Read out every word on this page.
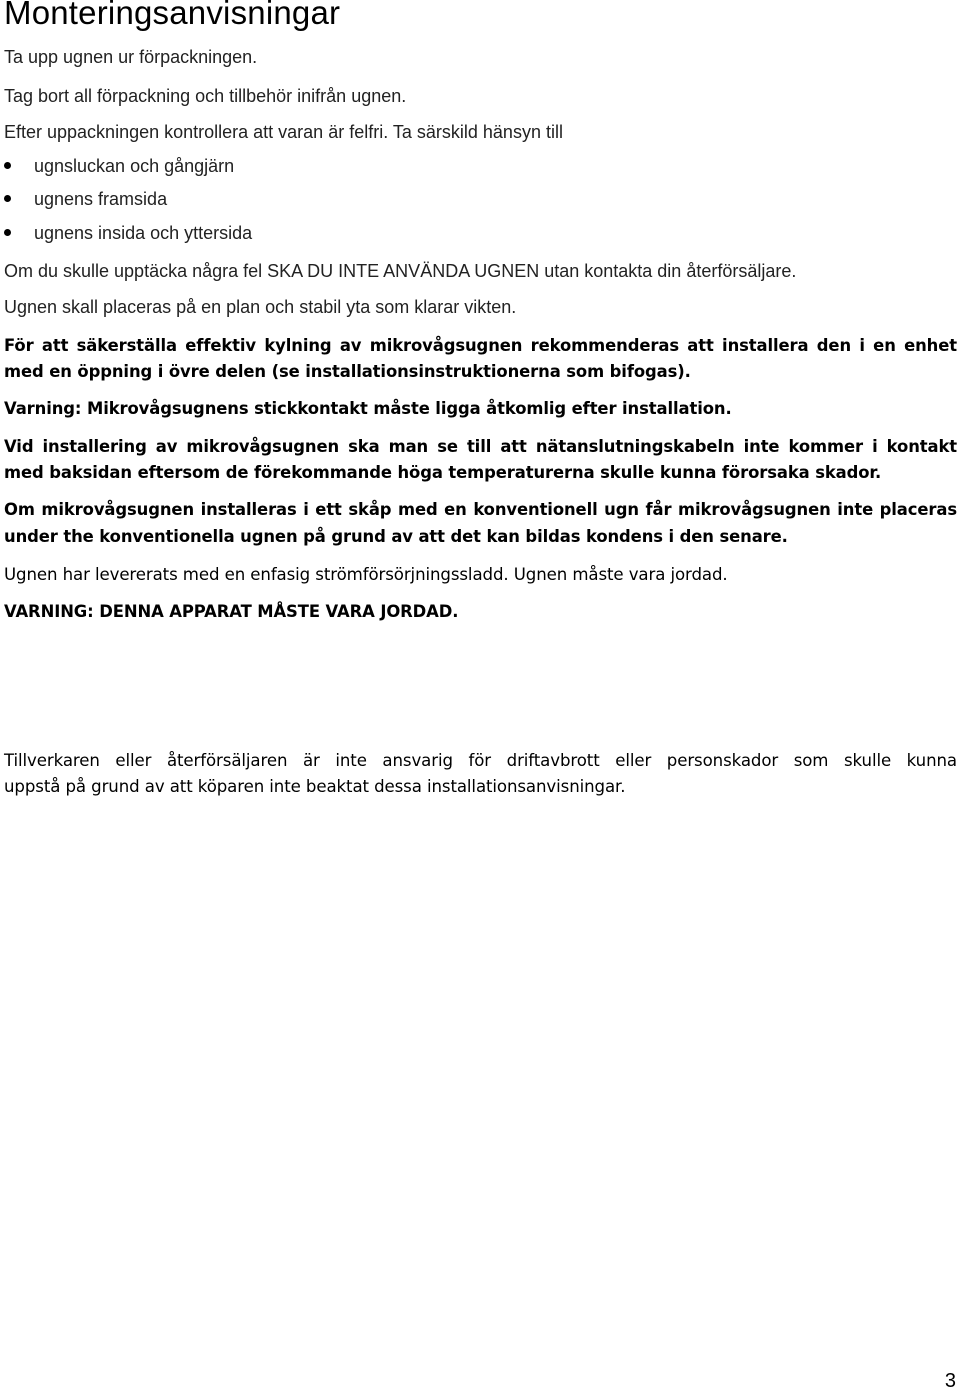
Monteringsanvisningar

Ta upp ugnen ur förpackningen.

Tag bort all förpackning och tillbehör inifrån ugnen.

Efter uppackningen kontrollera att varan är felfri. Ta särskild hänsyn till

ugnsluckan och gångjärn

ugnens framsida

ugnens insida och yttersida

Om du skulle upptäcka några fel SKA DU INTE ANVÄNDA UGNEN utan kontakta din återförsäljare.

Ugnen skall placeras på en plan och stabil yta som klarar vikten.

För att säkerställa effektiv kylning av mikrovågsugnen rekommenderas att installera den i en enhet

med en öppning i övre delen (se installationsinstruktionerna som bifogas).

Varning: Mikrovågsugnens stickkontakt måste ligga åtkomlig efter installation.

Vid installering av mikrovågsugnen ska man se till att nätanslutningskabeln inte kommer i kontakt

med baksidan eftersom de förekommande höga temperaturerna skulle kunna förorsaka skador.

Om mikrovågsugnen installeras i ett skåp med en konventionell ugn får mikrovågsugnen inte placeras

under the konventionella ugnen på grund av att det kan bildas kondens i den senare.

Ugnen har levererats med en enfasig strömförsörjningssladd. Ugnen måste vara jordad.

VARNING: DENNA APPARAT MÅSTE VARA JORDAD.

Tillverkaren eller återförsäljaren är inte ansvarig för driftavbrott eller personskador som skulle kunna

uppstå på grund av att köparen inte beaktat dessa installationsanvisningar.

3
